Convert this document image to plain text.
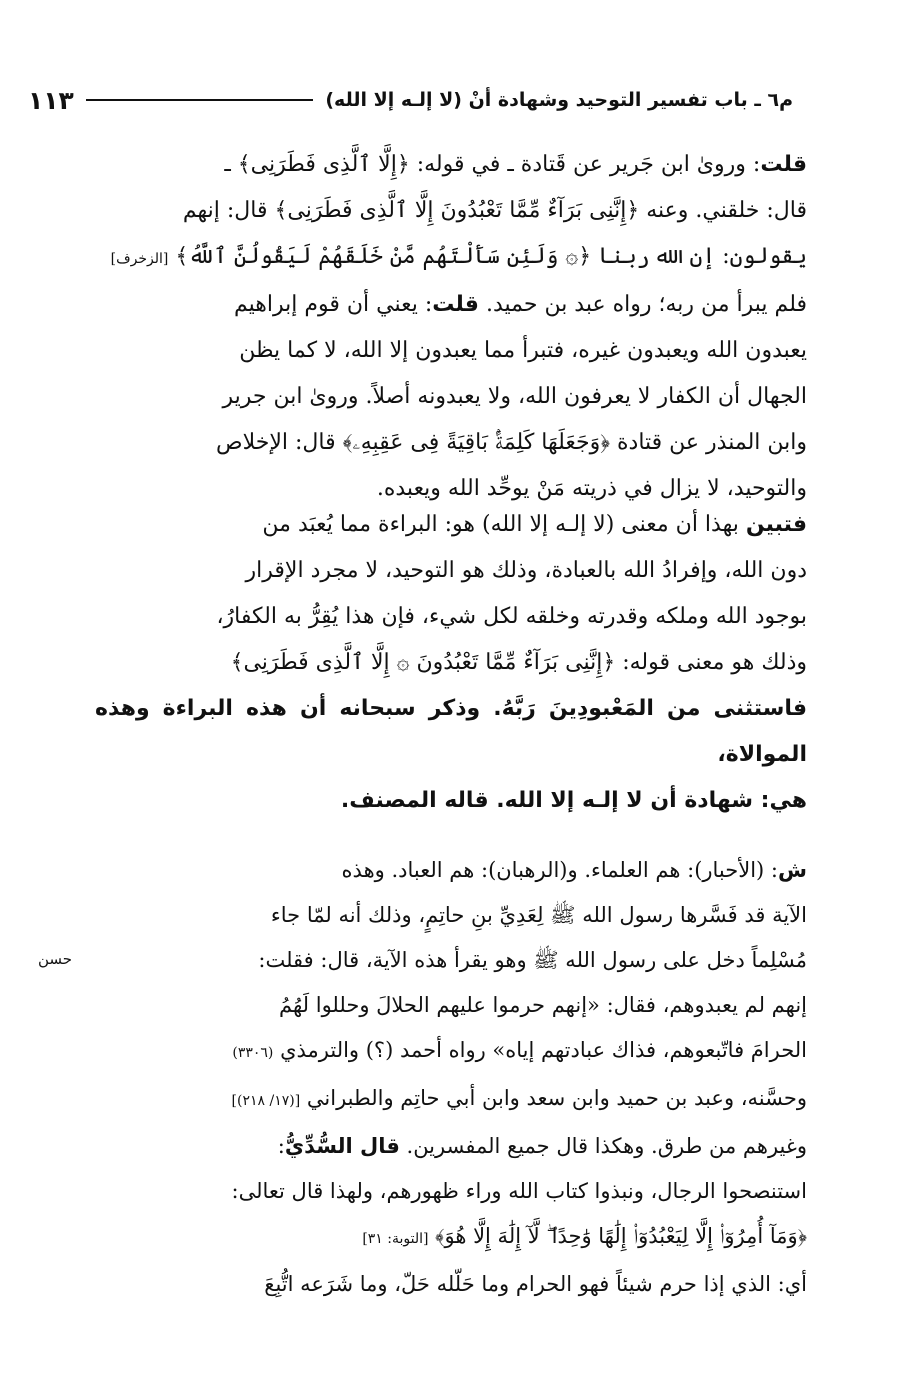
م٦ ـ باب تفسير التوحيد وشهادة أنْ (لا إلـه إلا الله)
١١٣
قلت: ورویٰ ابن جَریر عن قَتادة ـ في قوله: ﴿إِلَّا ٱلَّذِى فَطَرَنِى﴾ ـ
قال: خلقني. وعنه ﴿إِنَّنِى بَرَآءٌ مِّمَّا تَعْبُدُونَ إِلَّا ٱلَّذِى فَطَرَنِى﴾ قال: إنهم
يقولون: إن الله ربنا ﴿۞ وَلَئِن سَأَلْتَهُم مَّنْ خَلَقَهُمْ لَيَقُولُنَّ ٱللَّهُ﴾ [الزخرف]
فلم يبرأ من ربه؛ رواه عبد بن حميد. قلت: يعني أن قوم إبراهيم
يعبدون الله ويعبدون غيره، فتبرأ مما يعبدون إلا الله، لا كما يظن
الجهال أن الكفار لا يعرفون الله، ولا يعبدونه أصلاً. وروىٰ ابن جرير
وابن المنذر عن قتادة ﴿وَجَعَلَهَا كَلِمَةًۢ بَاقِيَةً فِى عَقِبِهِۦ﴾ قال: الإخلاص
والتوحيد، لا يزال في ذريته مَنْ يوحِّد الله ويعبده.
فتبين بهذا أن معنى (لا إلـه إلا الله) هو: البراءة مما يُعبَد من
دون الله، وإفرادُ الله بالعبادة، وذلك هو التوحيد، لا مجرد الإقرار
بوجود الله وملكه وقدرته وخلقه لكل شيء، فإن هذا يُقِرُّ به الكفارُ،
وذلك هو معنى قوله: ﴿إِنَّنِى بَرَآءٌ مِّمَّا تَعْبُدُونَ ۞ إِلَّا ٱلَّذِى فَطَرَنِى﴾
فاستثنى من المَعْبودِينَ رَبَّهُ. وذكر سبحانه أن هذه البراءة وهذه الموالاة،
هي: شهادة أن لا إلـه إلا الله. قاله المصنف.
ش: (الأحبار): هم العلماء. و(الرهبان): هم العباد. وهذه
الآية قد فَسَّرها رسول الله ﷺ لِعَدِيِّ بنِ حاتِمٍ، وذلك أنه لمّا جاء
مُسْلِماً دخل على رسول الله ﷺ وهو يقرأ هذه الآية، قال: فقلت:
إنهم لم يعبدوهم، فقال: «إنهم حرموا عليهم الحلالَ وحللوا لَهُمُ
الحرامَ فاتّبعوهم، فذاك عبادتهم إياه» رواه أحمد (؟) والترمذي (٣٣٠٦)
وحسَّنه، وعبد بن حميد وابن سعد وابن أبي حاتِم والطبراني [(١٧/ ٢١٨)]
وغيرهم من طرق. وهكذا قال جميع المفسرين. قال السُّدِّيُّ:
استنصحوا الرجال، ونبذوا كتاب الله وراء ظهورهم، ولهذا قال تعالى:
﴿وَمَآ أُمِرُوٓا۟ إِلَّا لِيَعْبُدُوٓا۟ إِلَٰهًا وَٰحِدًا ۖ لَّآ إِلَٰهَ إِلَّا هُوَ﴾ [التوبة: ٣١]
أي: الذي إذا حرم شيئاً فهو الحرام وما حَلّله حَلّ، وما شَرَعه اتُّبِعَ
حسن
